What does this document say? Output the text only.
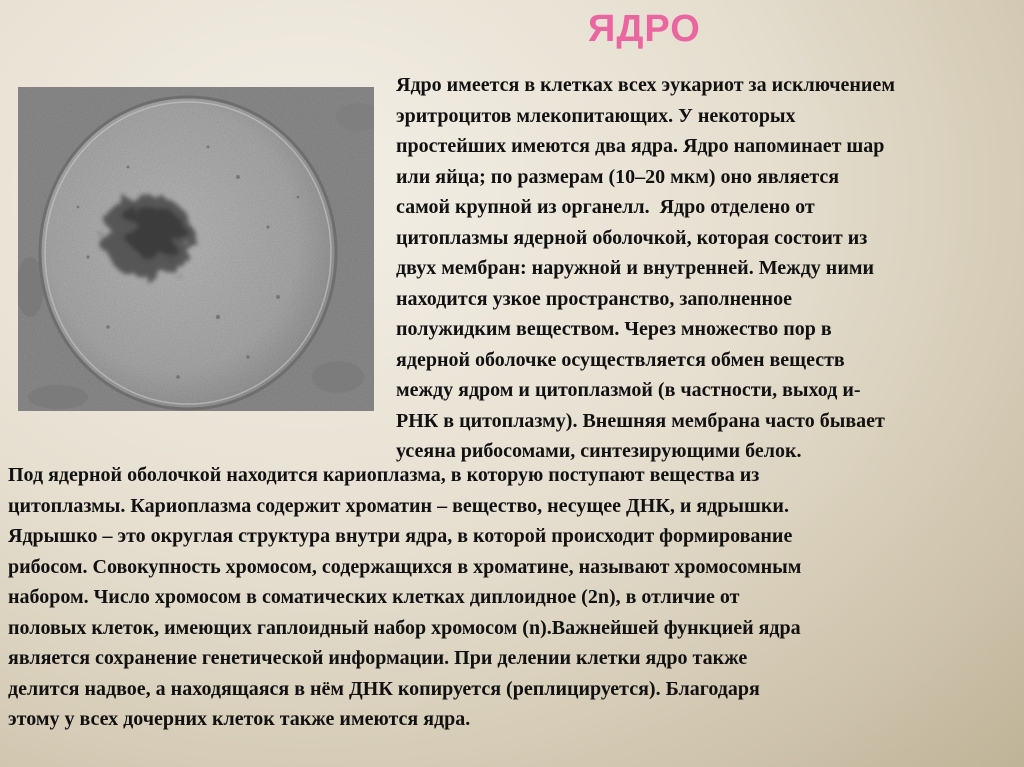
ЯДРО

Ядро имеется в клетках всех эукариот за исключением
эритроцитов млекопитающих. У некоторых
простейших имеются два ядра. Ядро напоминает шар
или яйца; по размерам (10–20 мкм) оно является
самой крупной из органелл.  Ядро отделено от
цитоплазмы ядерной оболочкой, которая состоит из
двух мембран: наружной и внутренней. Между ними
находится узкое пространство, заполненное
полужидким веществом. Через множество пор в
ядерной оболочке осуществляется обмен веществ
между ядром и цитоплазмой (в частности, выход и-
РНК в цитоплазму). Внешняя мембрана часто бывает
усеяна рибосомами, синтезирующими белок.

Под ядерной оболочкой находится кариоплазма, в которую поступают вещества из
цитоплазмы. Кариоплазма содержит хроматин – вещество, несущее ДНК, и ядрышки.
Ядрышко – это округлая структура внутри ядра, в которой происходит формирование
рибосом. Совокупность хромосом, содержащихся в хроматине, называют хромосомным
набором. Число хромосом в соматических клетках диплоидное (2n), в отличие от
половых клеток, имеющих гаплоидный набор хромосом (n).Важнейшей функцией ядра
является сохранение генетической информации. При делении клетки ядро также
делится надвое, а находящаяся в нём ДНК копируется (реплицируется). Благодаря
этому у всех дочерних клеток также имеются ядра.
